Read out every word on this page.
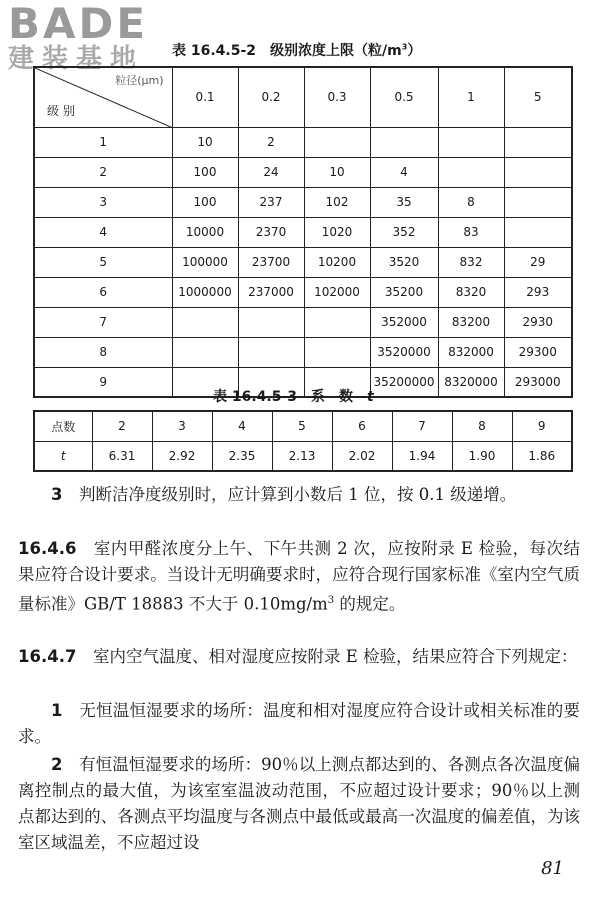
BADE
建装基地	表 16.4.5-2 级别浓度上限（粒$/m^3$）
粒径(μm)
级 别	0.1	0.2	0.3	0.5	1	5
1	10	2				
2	100	24	10	4		
3	100	237	102	35	8	
4	10000	2370	1020	352	83	
5	100000	23700	10200	3520	832	29
6	1000000	237000	102000	35200	8320	293
7				352000	83200	2930
8				3520000	832000	29300
9				35200000	8320000	293000
表 16.4.5-3 系　数 t
点数	2	3	4	5	6	7	8	9
t	6.31	2.92	2.35	2.13	2.02	1.94	1.90	1.86
3　 判断洁净度级别时，应计算到小数后 1 位，按 0.1 级递增。
16.4.6　 室内甲醛浓度分上午、下午共测 2 次，应按附录 E 检验，每次结果应符合设计要求。当设计无明确要求时，应符合现行国家标准《室内空气质量标准》GB/T 18883 不大于 $0.10mg/m^3$ 的规定。
16.4.7　 室内空气温度、相对湿度应按附录 E 检验，结果应符合下列规定：
1　 无恒温恒湿要求的场所：温度和相对湿度应符合设计或相关标准的要求。
2　 有恒温恒湿要求的场所：90％以上测点都达到的、各测点各次温度偏离控制点的最大值，为该室室温波动范围，不应超过设计要求；90％以上测点都达到的、各测点平均温度与各测点中最低或最高一次温度的偏差值，为该室区域温差，不应超过设
81
